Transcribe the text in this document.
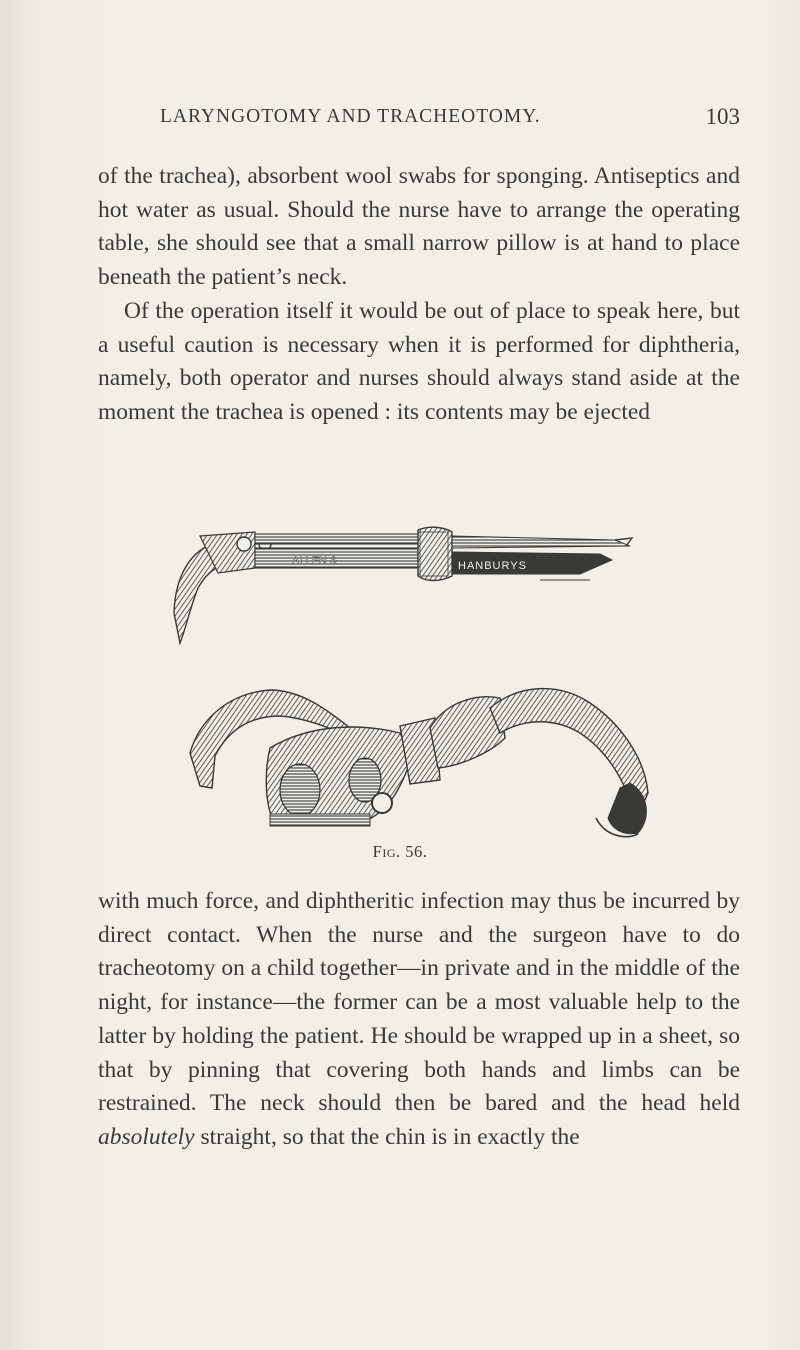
LARYNGOTOMY AND TRACHEOTOMY.	103

of the trachea), absorbent wool swabs for sponging. Antiseptics and hot water as usual. Should the nurse have to arrange the operating table, she should see that a small narrow pillow is at hand to place beneath the patient’s neck.

Of the operation itself it would be out of place to speak here, but a useful caution is necessary when it is performed for diphtheria, namely, both operator and nurses should always stand aside at the moment the trachea is opened : its contents may be ejected

ALLEN &	HANBURYS
Fig. 56.

with much force, and diphtheritic infection may thus be incurred by direct contact. When the nurse and the surgeon have to do tracheotomy on a child together—in private and in the middle of the night, for instance—the former can be a most valuable help to the latter by holding the patient. He should be wrapped up in a sheet, so that by pinning that covering both hands and limbs can be restrained. The neck should then be bared and the head held absolutely straight, so that the chin is in exactly the
